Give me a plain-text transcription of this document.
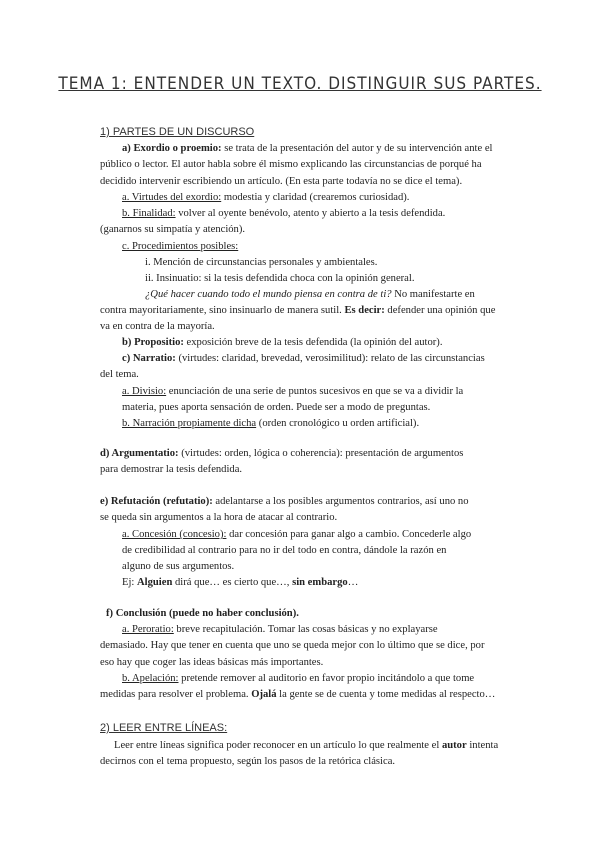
TEMA 1: ENTENDER UN TEXTO. DISTINGUIR SUS PARTES.
1) PARTES DE UN DISCURSO
a) Exordio o proemio: se trata de la presentación del autor y de su intervención ante el
público o lector. El autor habla sobre él mismo explicando las circunstancias de porqué ha
decidido intervenir escribiendo un artículo. (En esta parte todavía no se dice el tema).
a. Virtudes del exordio: modestia y claridad (crearemos curiosidad).
b. Finalidad: volver al oyente benévolo, atento y abierto a la tesis defendida.
(ganarnos su simpatía y atención).
c. Procedimientos posibles:
i. Mención de circunstancias personales y ambientales.
ii. Insinuatio: si la tesis defendida choca con la opinión general.
¿Qué hacer cuando todo el mundo piensa en contra de ti? No manifestarte en
contra mayoritariamente, sino insinuarlo de manera sutil. Es decir: defender una opinión que
va en contra de la mayoría.
b) Propositio: exposición breve de la tesis defendida (la opinión del autor).
c) Narratio: (virtudes: claridad, brevedad, verosimilitud): relato de las circunstancias
del tema.
a. Divisio: enunciación de una serie de puntos sucesivos en que se va a dividir la
materia, pues aporta sensación de orden. Puede ser a modo de preguntas.
b. Narración propiamente dicha (orden cronológico u orden artificial).
d) Argumentatio: (virtudes: orden, lógica o coherencia): presentación de argumentos
para demostrar la tesis defendida.
e) Refutación (refutatio): adelantarse a los posibles argumentos contrarios, así uno no
se queda sin argumentos a la hora de atacar al contrario.
a. Concesión (concesio): dar concesión para ganar algo a cambio. Concederle algo
de credibilidad al contrario para no ir del todo en contra, dándole la razón en
alguno de sus argumentos.
Ej: Alguien dirá que… es cierto que…, sin embargo…
f) Conclusión (puede no haber conclusión).
a. Peroratio: breve recapitulación. Tomar las cosas básicas y no explayarse
demasiado. Hay que tener en cuenta que uno se queda mejor con lo último que se dice, por
eso hay que coger las ideas básicas más importantes.
b. Apelación: pretende remover al auditorio en favor propio incitándolo a que tome
medidas para resolver el problema. Ojalá la gente se de cuenta y tome medidas al respecto…
2) LEER ENTRE LÍNEAS:
Leer entre líneas significa poder reconocer en un artículo lo que realmente el autor intenta
decirnos con el tema propuesto, según los pasos de la retórica clásica.
